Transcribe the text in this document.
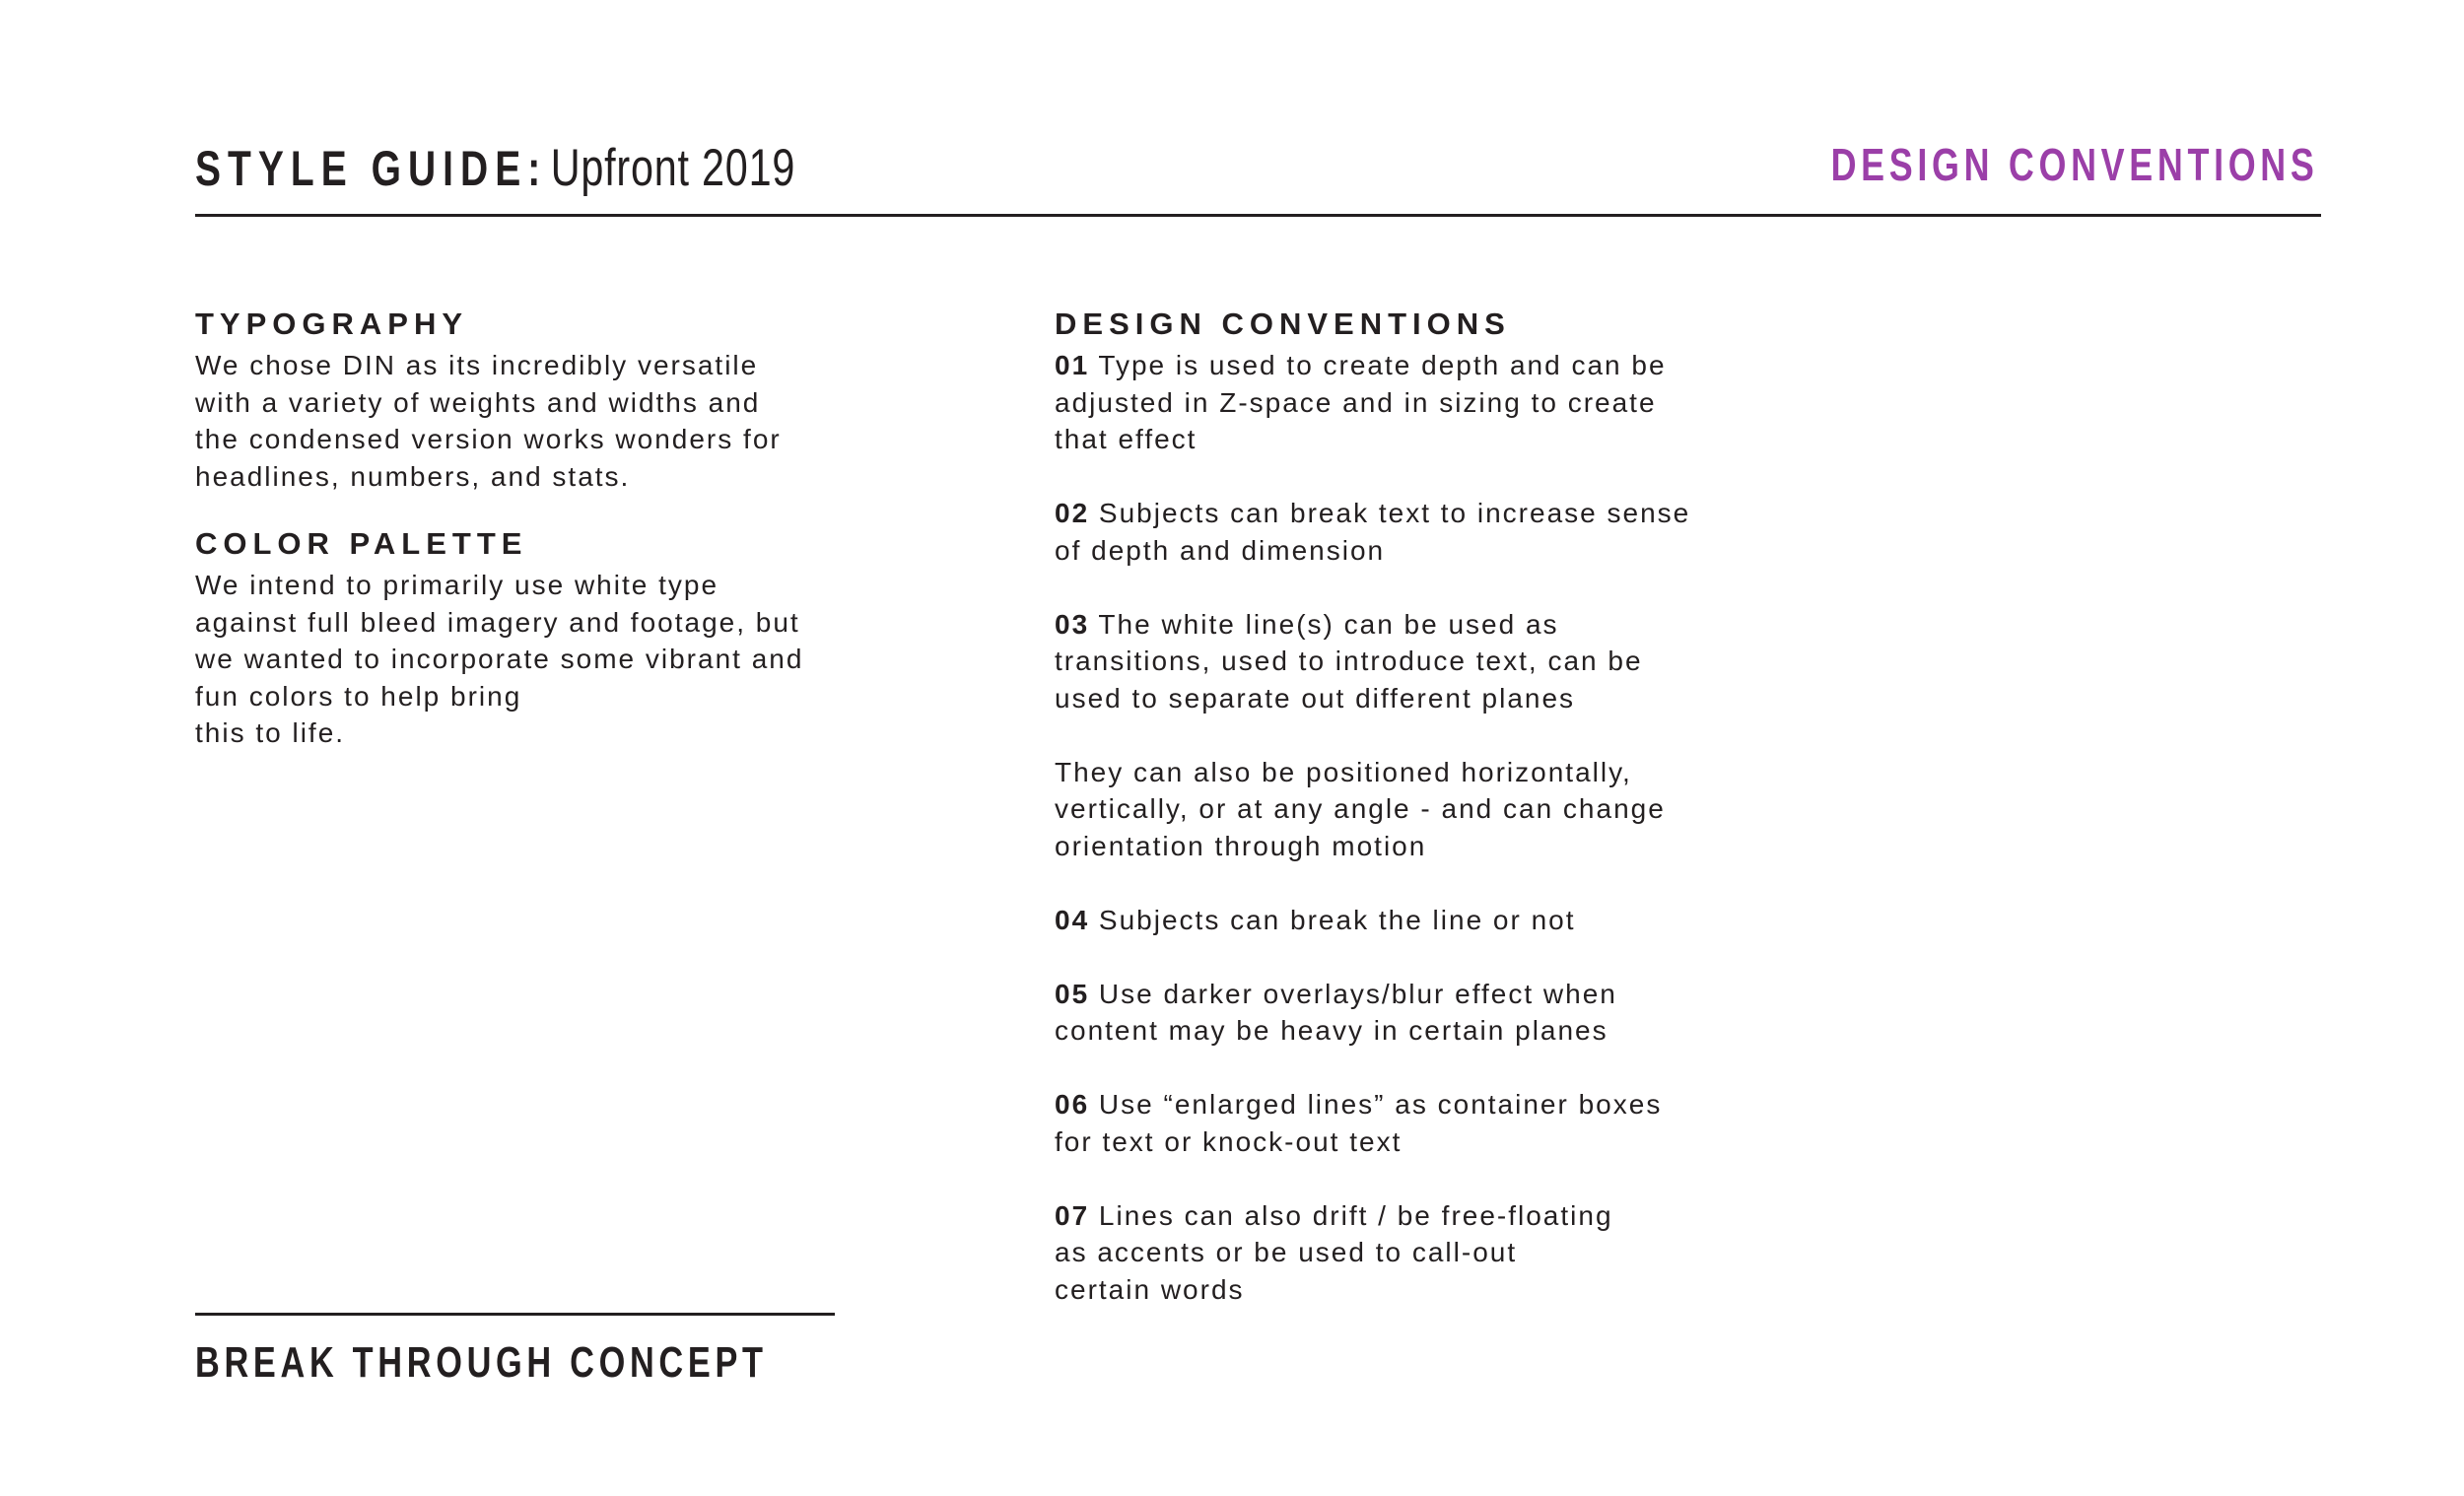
STYLE GUIDE: Upfront 2019	DESIGN CONVENTIONS
TYPOGRAPHY

We chose DIN as its incredibly versatile
with a variety of weights and widths and
the condensed version works wonders for
headlines, numbers, and stats.

COLOR PALETTE

We intend to primarily use white type
against full bleed imagery and footage, but
we wanted to incorporate some vibrant and
fun colors to help bring
this to life.

DESIGN CONVENTIONS

01 Type is used to create depth and can be
adjusted in Z-space and in sizing to create
that effect

02 Subjects can break text to increase sense
of depth and dimension

03 The white line(s) can be used as
transitions, used to introduce text, can be
used to separate out different planes

They can also be positioned horizontally,
vertically, or at any angle - and can change
orientation through motion

04 Subjects can break the line or not

05 Use darker overlays/blur effect when
content may be heavy in certain planes

06 Use “enlarged lines” as container boxes
for text or knock-out text

07 Lines can also drift / be free-floating
as accents or be used to call-out
certain words

BREAK THROUGH CONCEPT
